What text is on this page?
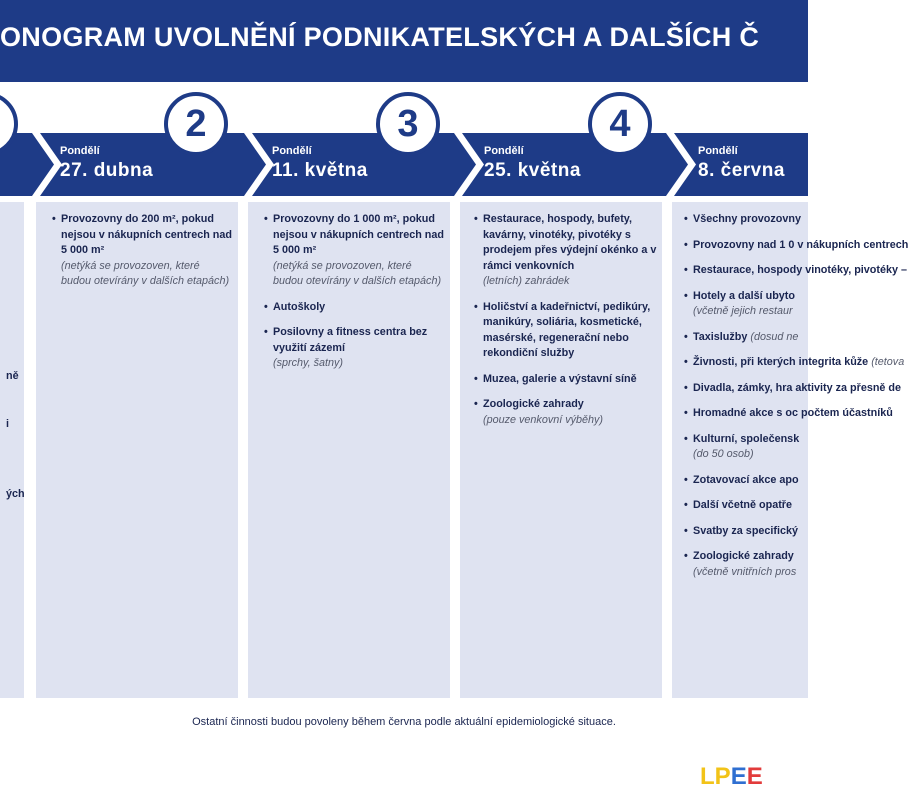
ONOGRAM UVOLNĚNÍ PODNIKATELSKÝCH A DALŠÍCH Č
2	3	4
Pondělí
27. dubna
Pondělí
11. května
Pondělí
25. května
Pondělí
8. června
ně
i
ých
• Provozovny do 200 m², pokud nejsou v nákupních centrech nad 5 000 m²
(netýká se provozoven, které budou otevírány v dalších etapách)
• Provozovny do 1 000 m², pokud nejsou v nákupních centrech nad 5 000 m²
(netýká se provozoven, které budou otevírány v dalších etapách)
• Autoškoly
• Posilovny a fitness centra bez využití zázemí
(sprchy, šatny)
• Restaurace, hospody, bufety, kavárny, vinotéky, pivotéky s prodejem přes výdejní okénko a v rámci venkovních
(letních) zahrádek
• Holičství a kadeřnictví, pedikúry, manikúry, soliária, kosmetické, masérské, regenerační nebo rekondiční služby
• Muzea, galerie a výstavní síně
• Zoologické zahrady
(pouze venkovní výběhy)
• Všechny provozovny
• Provozovny nad 1 0 v nákupních centrech
• Restaurace, hospody vinotéky, pivotéky –
• Hotely a další ubyto
(včetně jejich restaur
• Taxislužby (dosud ne
• Živnosti, při kterých integrita kůže (tetova
• Divadla, zámky, hra aktivity za přesně de
• Hromadné akce s oc počtem účastníků
• Kulturní, společensk
(do 50 osob)
• Zotavovací akce apo
• Další včetně opatře
• Svatby za specifický
• Zoologické zahrady
(včetně vnitřních pros
Ostatní činnosti budou povoleny během června podle aktuální epidemiologické situace.
LPEE
